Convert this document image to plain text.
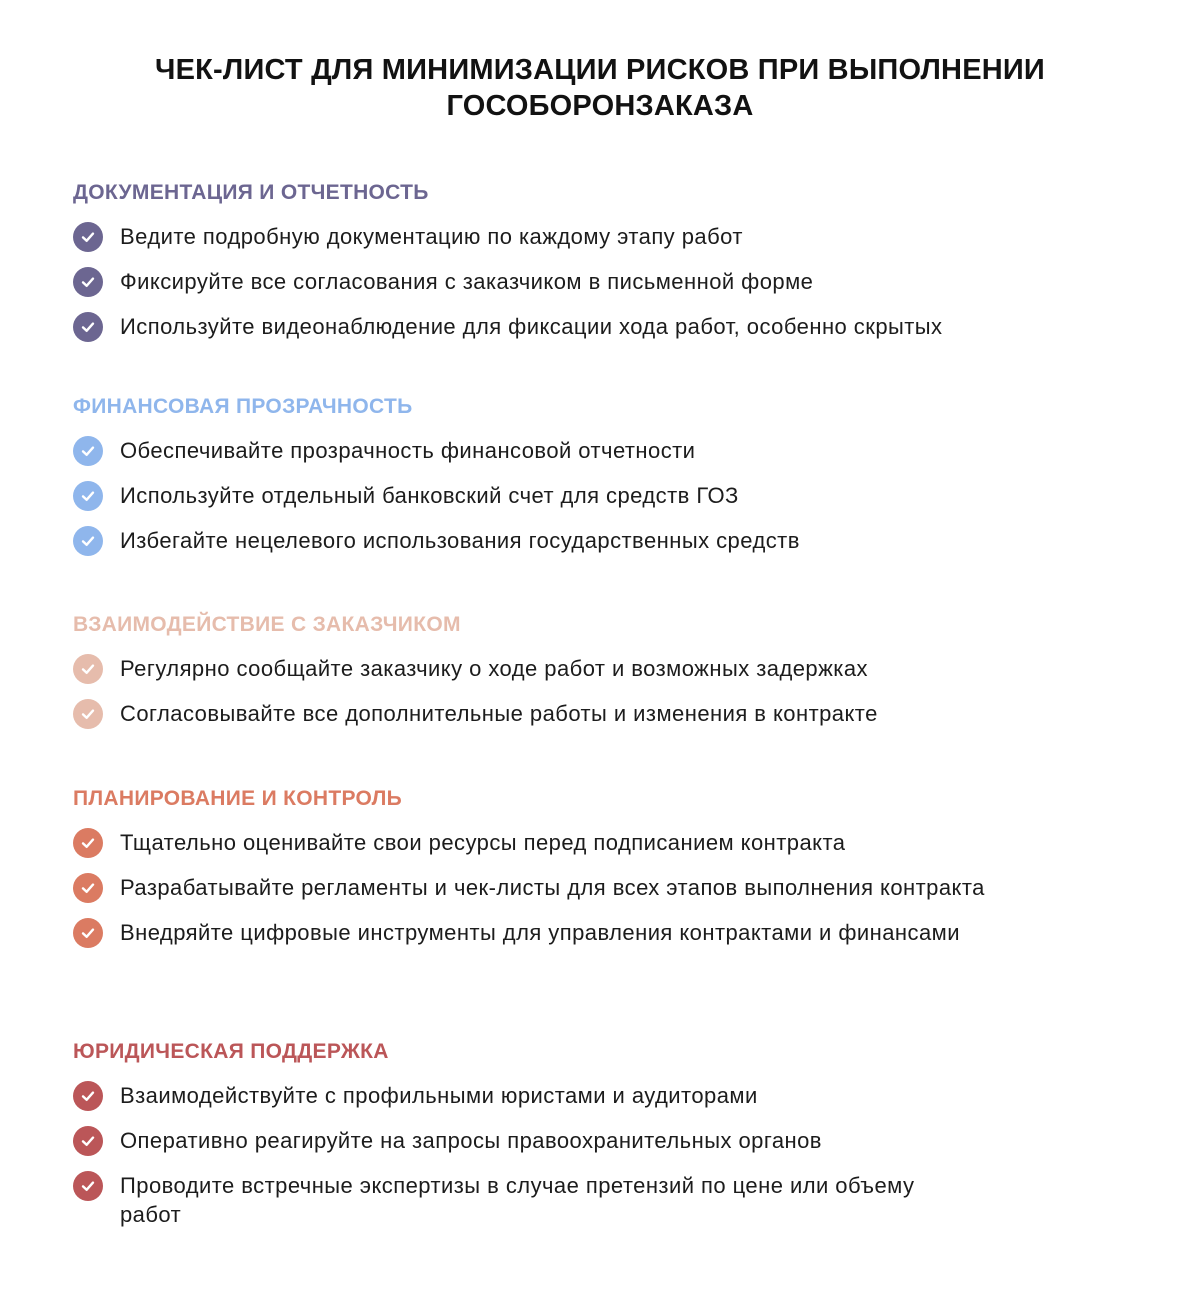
ЧЕК-ЛИСТ ДЛЯ МИНИМИЗАЦИИ РИСКОВ ПРИ ВЫПОЛНЕНИИ
ГОСОБОРОНЗАКАЗА
ДОКУМЕНТАЦИЯ И ОТЧЕТНОСТЬ
Ведите подробную документацию по каждому этапу работ
Фиксируйте все согласования с заказчиком в письменной форме
Используйте видеонаблюдение для фиксации хода работ, особенно скрытых
ФИНАНСОВАЯ ПРОЗРАЧНОСТЬ
Обеспечивайте прозрачность финансовой отчетности
Используйте отдельный банковский счет для средств ГОЗ
Избегайте нецелевого использования государственных средств
ВЗАИМОДЕЙСТВИЕ С ЗАКАЗЧИКОМ
Регулярно сообщайте заказчику о ходе работ и возможных задержках
Согласовывайте все дополнительные работы и изменения в контракте
ПЛАНИРОВАНИЕ И КОНТРОЛЬ
Тщательно оценивайте свои ресурсы перед подписанием контракта
Разрабатывайте регламенты и чек-листы для всех этапов выполнения контракта
Внедряйте цифровые инструменты для управления контрактами и финансами
ЮРИДИЧЕСКАЯ ПОДДЕРЖКА
Взаимодействуйте с профильными юристами и аудиторами
Оперативно реагируйте на запросы правоохранительных органов
Проводите встречные экспертизы в случае претензий по цене или объему работ
